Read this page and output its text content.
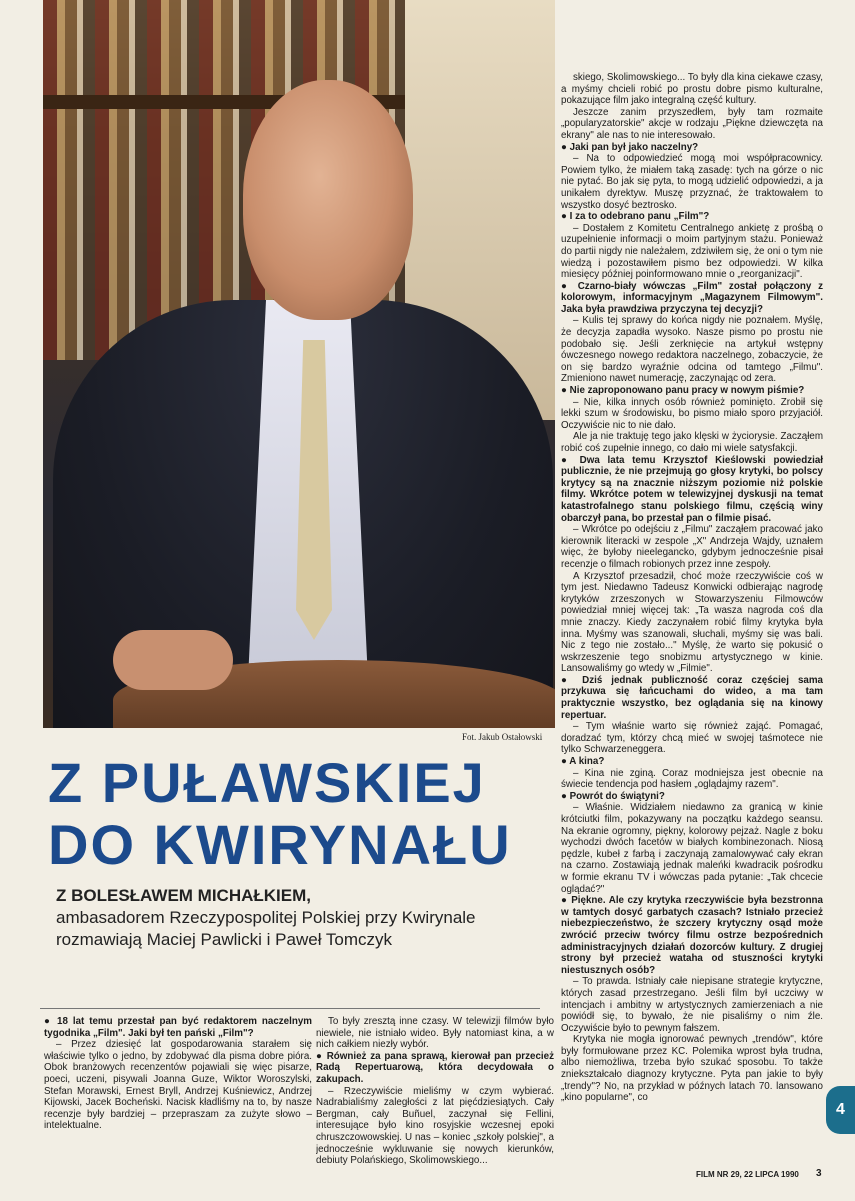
Fot. Jakub Ostałowski
Z PUŁAWSKIEJ
DO KWIRYNAŁU
Z BOLESŁAWEM MICHAŁKIEM,
ambasadorem Rzeczypospolitej Polskiej przy Kwirynale
rozmawiają Maciej Pawlicki i Paweł Tomczyk

● 18 lat temu przestał pan być redaktorem naczelnym tygodnika „Film". Jaki był ten pański „Film"?

– Przez dziesięć lat gospodarowania starałem się właściwie tylko o jedno, by zdobywać dla pisma dobre pióra. Obok branżowych recenzentów pojawiali się więc pisarze, poeci, uczeni, pisywali Joanna Guze, Wiktor Woroszylski, Stefan Morawski, Ernest Bryll, Andrzej Kuśniewicz, Andrzej Kijowski, Jacek Bocheński. Nacisk kładliśmy na to, by nasze recenzje były bardziej – przepraszam za zużyte słowo – intelektualne.

To były zresztą inne czasy. W telewizji filmów było niewiele, nie istniało wideo. Były natomiast kina, a w nich całkiem niezły wybór.

● Również za pana sprawą, kierował pan przecież Radą Repertuarową, która decydowała o zakupach.

– Rzeczywiście mieliśmy w czym wybierać. Nadrabialiśmy zaległości z lat pięćdziesiątych. Cały Bergman, cały Buñuel, zaczynał się Fellini, interesujące było kino rosyjskie wczesnej epoki chruszczowowskiej. U nas – koniec „szkoły polskiej", a jednocześnie wykluwanie się nowych kierunków, debiuty Polańskiego, Skolimowskiego...

skiego, Skolimowskiego... To były dla kina ciekawe czasy, a myśmy chcieli robić po prostu dobre pismo kulturalne, pokazujące film jako integralną część kultury.

Jeszcze zanim przyszedłem, były tam rozmaite „popularyzatorskie" akcje w rodzaju „Piękne dziewczęta na ekrany" ale nas to nie interesowało.

● Jaki pan był jako naczelny?

– Na to odpowiedzieć mogą moi współpracownicy. Powiem tylko, że miałem taką zasadę: tych na górze o nic nie pytać. Bo jak się pyta, to mogą udzielić odpowiedzi, a ja unikałem dyrektyw. Muszę przyznać, że traktowałem to wszystko dosyć beztrosko.

● I za to odebrano panu „Film"?

– Dostałem z Komitetu Centralnego ankietę z prośbą o uzupełnienie informacji o moim partyjnym stażu. Ponieważ do partii nigdy nie należałem, zdziwiłem się, że oni o tym nie wiedzą i pozostawiłem pismo bez odpowiedzi. W kilka miesięcy później poinformowano mnie o „reorganizacji".

● Czarno-biały wówczas „Film" został połączony z kolorowym, informacyjnym „Magazynem Filmowym". Jaka była prawdziwa przyczyna tej decyzji?

– Kulis tej sprawy do końca nigdy nie poznałem. Myślę, że decyzja zapadła wysoko. Nasze pismo po prostu nie podobało się. Jeśli zerknięcie na artykuł wstępny ówczesnego nowego redaktora naczelnego, zobaczycie, że on się bardzo wyraźnie odcina od tamtego „Filmu". Zmieniono nawet numerację, zaczynając od zera.

● Nie zaproponowano panu pracy w nowym piśmie?

– Nie, kilka innych osób również pominięto. Zrobił się lekki szum w środowisku, bo pismo miało sporo przyjaciół. Oczywiście nic to nie dało.

Ale ja nie traktuję tego jako klęski w życiorysie. Zacząłem robić coś zupełnie innego, co dało mi wiele satysfakcji.

● Dwa lata temu Krzysztof Kieślowski powiedział publicznie, że nie przejmują go głosy krytyki, bo polscy krytycy są na znacznie niższym poziomie niż polskie filmy. Wkrótce potem w telewizyjnej dyskusji na temat katastrofalnego stanu polskiego filmu, częścią winy obarczył pana, bo przestał pan o filmie pisać.

– Wkrótce po odejściu z „Filmu" zacząłem pracować jako kierownik literacki w zespole „X" Andrzeja Wajdy, uznałem więc, że byłoby nieelegancko, gdybym jednocześnie pisał recenzje o filmach robionych przez inne zespoły.

A Krzysztof przesadził, choć może rzeczywiście coś w tym jest. Niedawno Tadeusz Konwicki odbierając nagrodę krytyków zrzeszonych w Stowarzyszeniu Filmowców powiedział mniej więcej tak: „Ta wasza nagroda coś dla mnie znaczy. Kiedy zaczynałem robić filmy krytyka była inna. Myśmy was szanowali, słuchali, myśmy się was bali. Nic z tego nie zostało..." Myślę, że warto się pokusić o wskrzeszenie tego snobizmu artystycznego w kinie. Lansowaliśmy go wtedy w „Filmie".

● Dziś jednak publiczność coraz częściej sama przykuwa się łańcuchami do wideo, a ma tam praktycznie wszystko, bez oglądania się na kinowy repertuar.

– Tym właśnie warto się również zająć. Pomagać, doradzać tym, którzy chcą mieć w swojej taśmotece nie tylko Schwarzeneggera.

● A kina?

– Kina nie zginą. Coraz modniejsza jest obecnie na świecie tendencja pod hasłem „oglądajmy razem".

● Powrót do świątyni?

– Właśnie. Widziałem niedawno za granicą w kinie krótciutki film, pokazywany na początku każdego seansu. Na ekranie ogromny, piękny, kolorowy pejzaż. Nagle z boku wychodzi dwóch facetów w białych kombinezonach. Niosą pędzle, kubeł z farbą i zaczynają zamalowywać cały ekran na czarno. Zostawiają jednak maleńki kwadracik pośrodku w formie ekranu TV i wówczas pada pytanie: „Tak chcecie oglądać?"

● Piękne. Ale czy krytyka rzeczywiście była bezstronna w tamtych dosyć garbatych czasach? Istniało przecież niebezpieczeństwo, że szczery krytyczny osąd może zwrócić przeciw twórcy filmu ostrze bezpośrednich administracyjnych działań dozorców kultury. Z drugiej strony był przecież wataha od stuszności krytyki niestusznych osób?

– To prawda. Istniały całe niepisane strategie krytyczne, których zasad przestrzegano. Jeśli film był uczciwy w intencjach i ambitny w artystycznych zamierzeniach a nie powiódł się, to bywało, że nie pisaliśmy o nim źle. Oczywiście było to pewnym fałszem.

Krytyka nie mogła ignorować pewnych „trendów", które były formułowane przez KC. Polemika wprost była trudna, albo niemożliwa, trzeba było szukać sposobu. To także zniekształcało diagnozy krytyczne. Pyta pan jakie to były „trendy"? No, na przykład w późnych latach 70. lansowano „kino popularne", co

4
FILM NR 29, 22 LIPCA 1990 3
